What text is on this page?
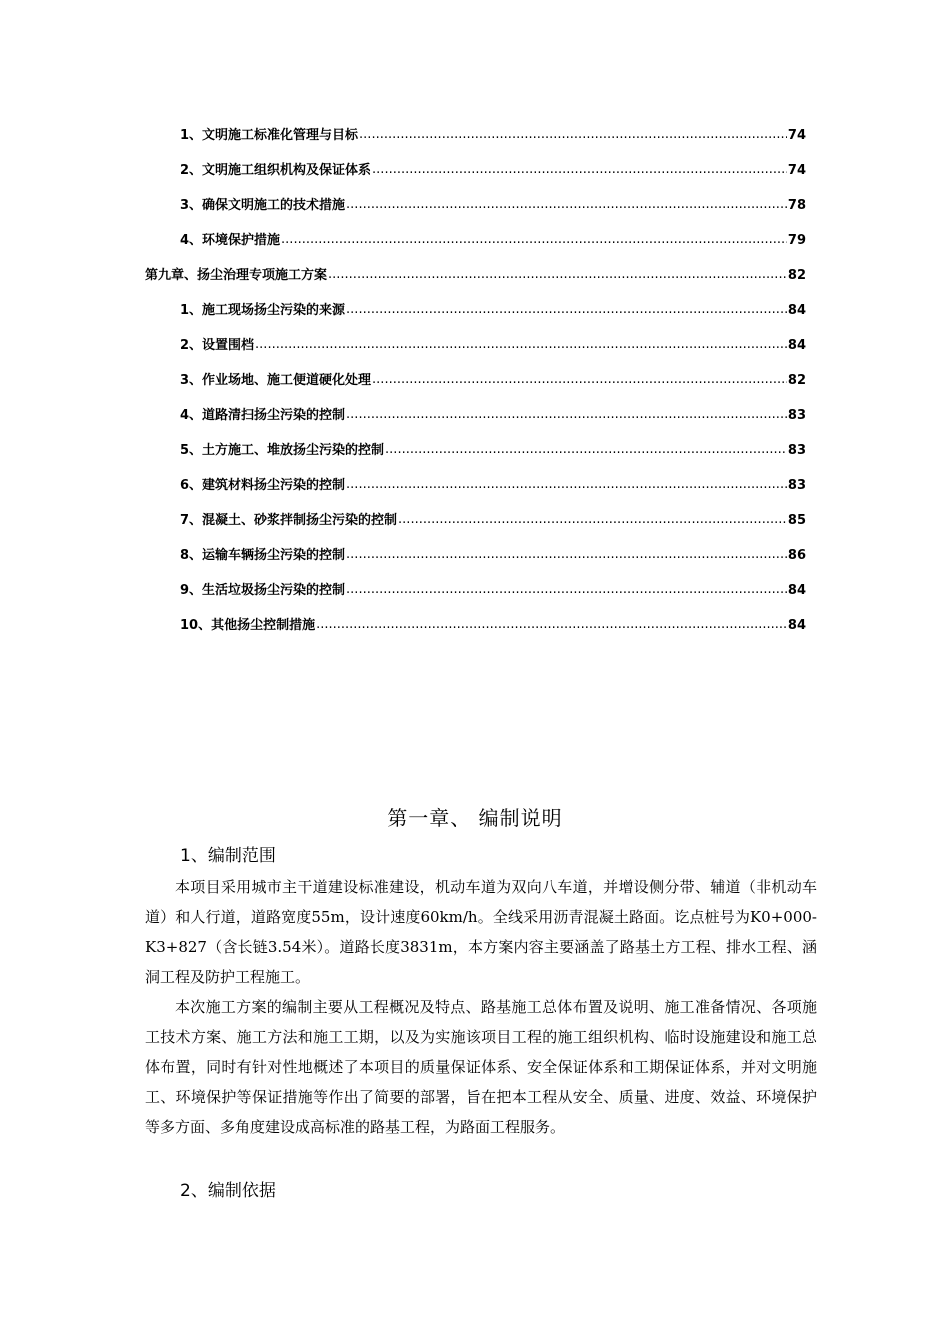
1、文明施工标准化管理与目标 .....	74
2、文明施工组织机构及保证体系 .....	74
3、确保文明施工的技术措施 .....	78
4、环境保护措施 .....	79
第九章、扬尘治理专项施工方案 .....	82
1、施工现场扬尘污染的来源 .....	84
2、设置围档 .....	84
3、作业场地、施工便道硬化处理 .....	82
4、道路清扫扬尘污染的控制 .....	83
5、土方施工、堆放扬尘污染的控制 .....	83
6、建筑材料扬尘污染的控制 .....	83
7、混凝土、砂浆拌制扬尘污染的控制 .....	85
8、运输车辆扬尘污染的控制 .....	86
9、生活垃圾扬尘污染的控制 .....	84
10、其他扬尘控制措施 .....	84
第一章、 编制说明
1、编制范围

本项目采用城市主干道建设标准建设，机动车道为双向八车道，并增设侧分带、辅道（非机动车道）和人行道，道路宽度55m，设计速度60km/h。全线采用沥青混凝土路面。讫点桩号为K0+000-K3+827（含长链3.54米）。道路长度3831m，本方案内容主要涵盖了路基土方工程、排水工程、涵洞工程及防护工程施工。

本次施工方案的编制主要从工程概况及特点、路基施工总体布置及说明、施工准备情况、各项施工技术方案、施工方法和施工工期，以及为实施该项目工程的施工组织机构、临时设施建设和施工总体布置，同时有针对性地概述了本项目的质量保证体系、安全保证体系和工期保证体系，并对文明施工、环境保护等保证措施等作出了简要的部署，旨在把本工程从安全、质量、进度、效益、环境保护等多方面、多角度建设成高标准的路基工程，为路面工程服务。

2、编制依据
